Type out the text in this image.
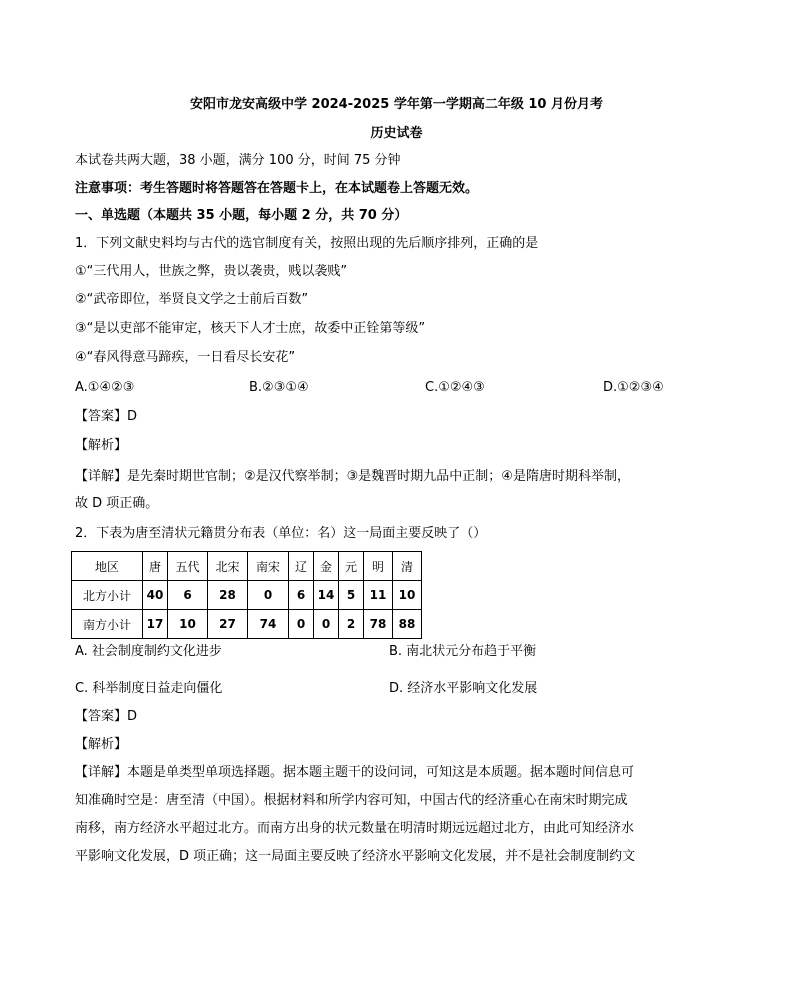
安阳市龙安高级中学 2024-2025 学年第一学期高二年级 10 月份月考
历史试卷
本试卷共两大题，38 小题，满分 100 分，时间 75 分钟
注意事项：考生答题时将答题答在答题卡上，在本试题卷上答题无效。
一、单选题（本题共 35 小题，每小题 2 分，共 70 分）
1．下列文献史料均与古代的选官制度有关，按照出现的先后顺序排列，正确的是
①“三代用人，世族之弊，贵以袭贵，贱以袭贱”
②“武帝即位，举贤良文学之士前后百数”
③“是以吏部不能审定，核天下人才士庶，故委中正铨第等级”
④“春风得意马蹄疾，一日看尽长安花”
A.①④②③	B.②③①④	C.①②④③	D.①②③④
【答案】D
【解析】
【详解】是先秦时期世官制；②是汉代察举制；③是魏晋时期九品中正制；④是隋唐时期科举制，
故 D 项正确。
2．下表为唐至清状元籍贯分布表（单位：名）这一局面主要反映了（）
地区	唐	五代	北宋	南宋	辽	金	元	明	清
北方小计	40	6	28	0	6	14	5	11	10
南方小计	17	10	27	74	0	0	2	78	88
A. 社会制度制约文化进步	B. 南北状元分布趋于平衡
C. 科举制度日益走向僵化	D. 经济水平影响文化发展
【答案】D
【解析】
【详解】本题是单类型单项选择题。据本题主题干的设问词，可知这是本质题。据本题时间信息可
知准确时空是：唐至清（中国）。根据材料和所学内容可知，中国古代的经济重心在南宋时期完成
南移，南方经济水平超过北方。而南方出身的状元数量在明清时期远远超过北方，由此可知经济水
平影响文化发展，D 项正确；这一局面主要反映了经济水平影响文化发展，并不是社会制度制约文
